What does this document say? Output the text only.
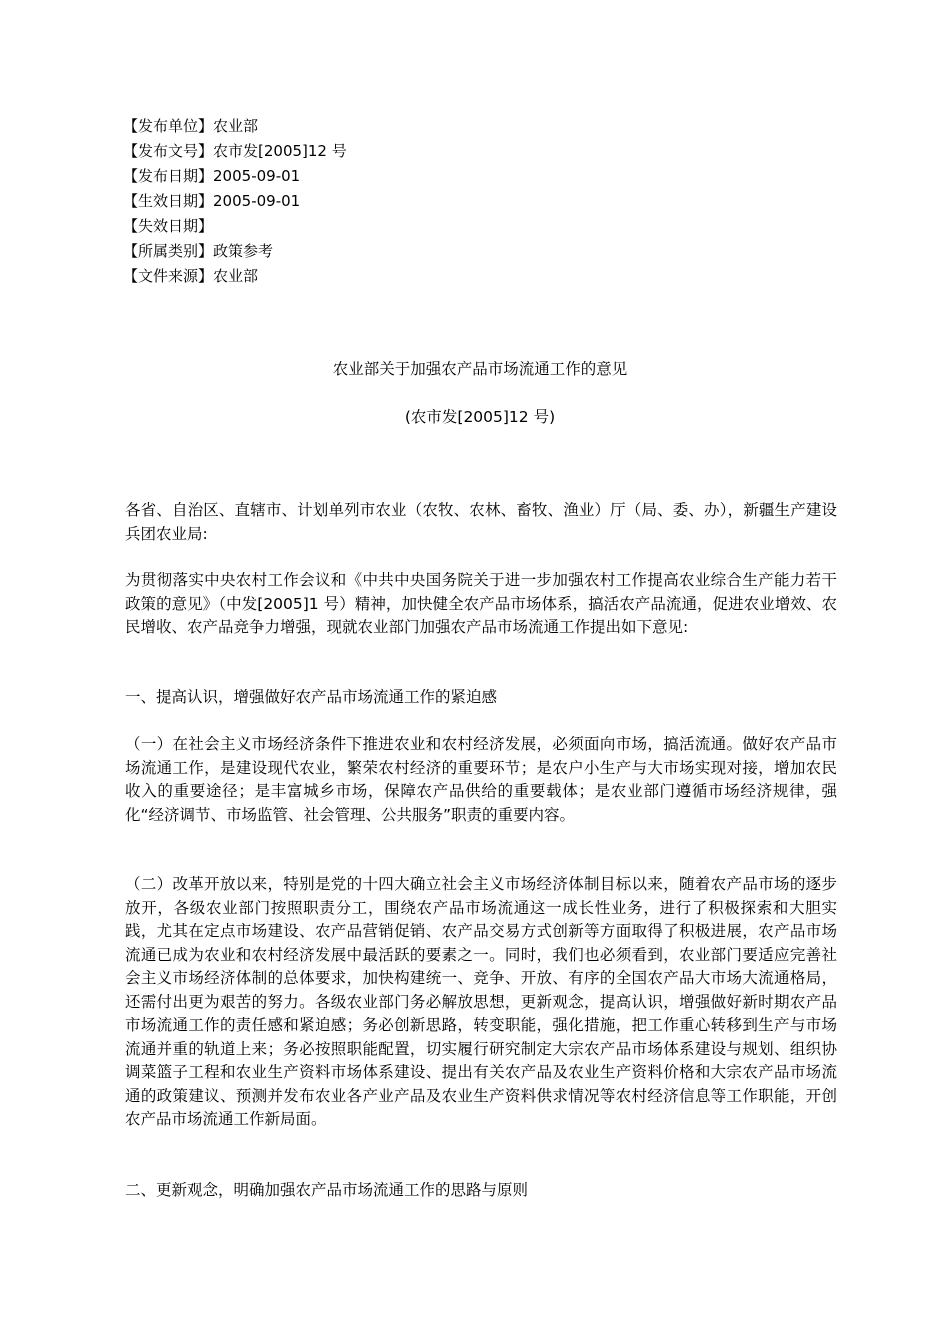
【发布单位】农业部
【发布文号】农市发[2005]12 号
【发布日期】2005-09-01
【生效日期】2005-09-01
【失效日期】
【所属类别】政策参考
【文件来源】农业部
农业部关于加强农产品市场流通工作的意见
(农市发[2005]12 号)
各省、自治区、直辖市、计划单列市农业（农牧、农林、畜牧、渔业）厅（局、委、办），新疆生产建设兵团农业局:
为贯彻落实中央农村工作会议和《中共中央国务院关于进一步加强农村工作提高农业综合生产能力若干政策的意见》（中发[2005]1 号）精神，加快健全农产品市场体系，搞活农产品流通，促进农业增效、农民增收、农产品竞争力增强，现就农业部门加强农产品市场流通工作提出如下意见:
一、提高认识，增强做好农产品市场流通工作的紧迫感
（一）在社会主义市场经济条件下推进农业和农村经济发展，必须面向市场，搞活流通。做好农产品市场流通工作，是建设现代农业，繁荣农村经济的重要环节；是农户小生产与大市场实现对接，增加农民收入的重要途径；是丰富城乡市场，保障农产品供给的重要载体；是农业部门遵循市场经济规律，强化“经济调节、市场监管、社会管理、公共服务”职责的重要内容。
（二）改革开放以来，特别是党的十四大确立社会主义市场经济体制目标以来，随着农产品市场的逐步放开，各级农业部门按照职责分工，围绕农产品市场流通这一成长性业务，进行了积极探索和大胆实践，尤其在定点市场建设、农产品营销促销、农产品交易方式创新等方面取得了积极进展，农产品市场流通已成为农业和农村经济发展中最活跃的要素之一。同时，我们也必须看到，农业部门要适应完善社会主义市场经济体制的总体要求，加快构建统一、竞争、开放、有序的全国农产品大市场大流通格局，还需付出更为艰苦的努力。各级农业部门务必解放思想，更新观念，提高认识，增强做好新时期农产品市场流通工作的责任感和紧迫感；务必创新思路，转变职能，强化措施，把工作重心转移到生产与市场流通并重的轨道上来；务必按照职能配置，切实履行研究制定大宗农产品市场体系建设与规划、组织协调菜篮子工程和农业生产资料市场体系建设、提出有关农产品及农业生产资料价格和大宗农产品市场流通的政策建议、预测并发布农业各产业产品及农业生产资料供求情况等农村经济信息等工作职能，开创农产品市场流通工作新局面。
二、更新观念，明确加强农产品市场流通工作的思路与原则
